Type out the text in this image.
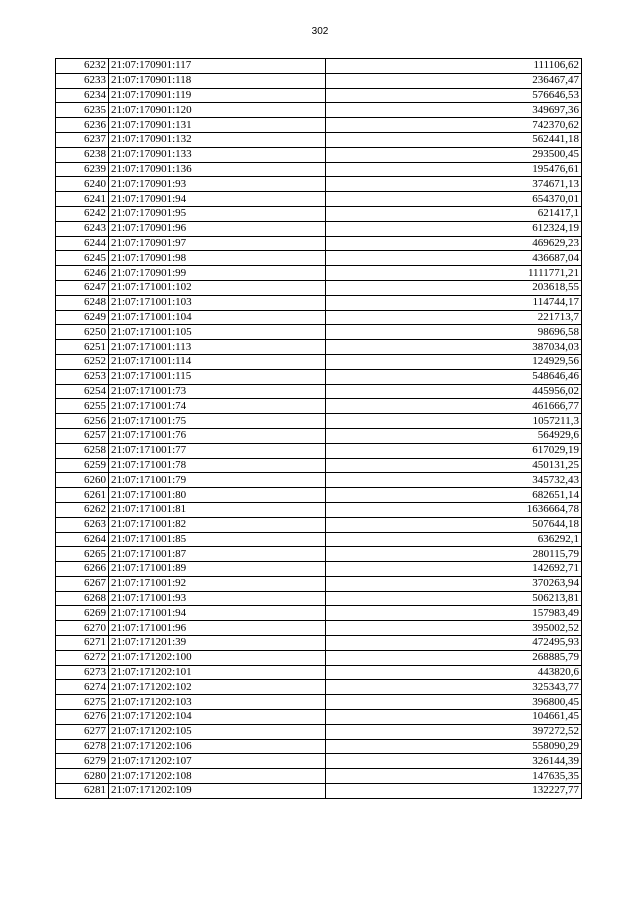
302
6232	21:07:170901:117	111106,62
6233	21:07:170901:118	236467,47
6234	21:07:170901:119	576646,53
6235	21:07:170901:120	349697,36
6236	21:07:170901:131	742370,62
6237	21:07:170901:132	562441,18
6238	21:07:170901:133	293500,45
6239	21:07:170901:136	195476,61
6240	21:07:170901:93	374671,13
6241	21:07:170901:94	654370,01
6242	21:07:170901:95	621417,1
6243	21:07:170901:96	612324,19
6244	21:07:170901:97	469629,23
6245	21:07:170901:98	436687,04
6246	21:07:170901:99	1111771,21
6247	21:07:171001:102	203618,55
6248	21:07:171001:103	114744,17
6249	21:07:171001:104	221713,7
6250	21:07:171001:105	98696,58
6251	21:07:171001:113	387034,03
6252	21:07:171001:114	124929,56
6253	21:07:171001:115	548646,46
6254	21:07:171001:73	445956,02
6255	21:07:171001:74	461666,77
6256	21:07:171001:75	1057211,3
6257	21:07:171001:76	564929,6
6258	21:07:171001:77	617029,19
6259	21:07:171001:78	450131,25
6260	21:07:171001:79	345732,43
6261	21:07:171001:80	682651,14
6262	21:07:171001:81	1636664,78
6263	21:07:171001:82	507644,18
6264	21:07:171001:85	636292,1
6265	21:07:171001:87	280115,79
6266	21:07:171001:89	142692,71
6267	21:07:171001:92	370263,94
6268	21:07:171001:93	506213,81
6269	21:07:171001:94	157983,49
6270	21:07:171001:96	395002,52
6271	21:07:171201:39	472495,93
6272	21:07:171202:100	268885,79
6273	21:07:171202:101	443820,6
6274	21:07:171202:102	325343,77
6275	21:07:171202:103	396800,45
6276	21:07:171202:104	104661,45
6277	21:07:171202:105	397272,52
6278	21:07:171202:106	558090,29
6279	21:07:171202:107	326144,39
6280	21:07:171202:108	147635,35
6281	21:07:171202:109	132227,77
